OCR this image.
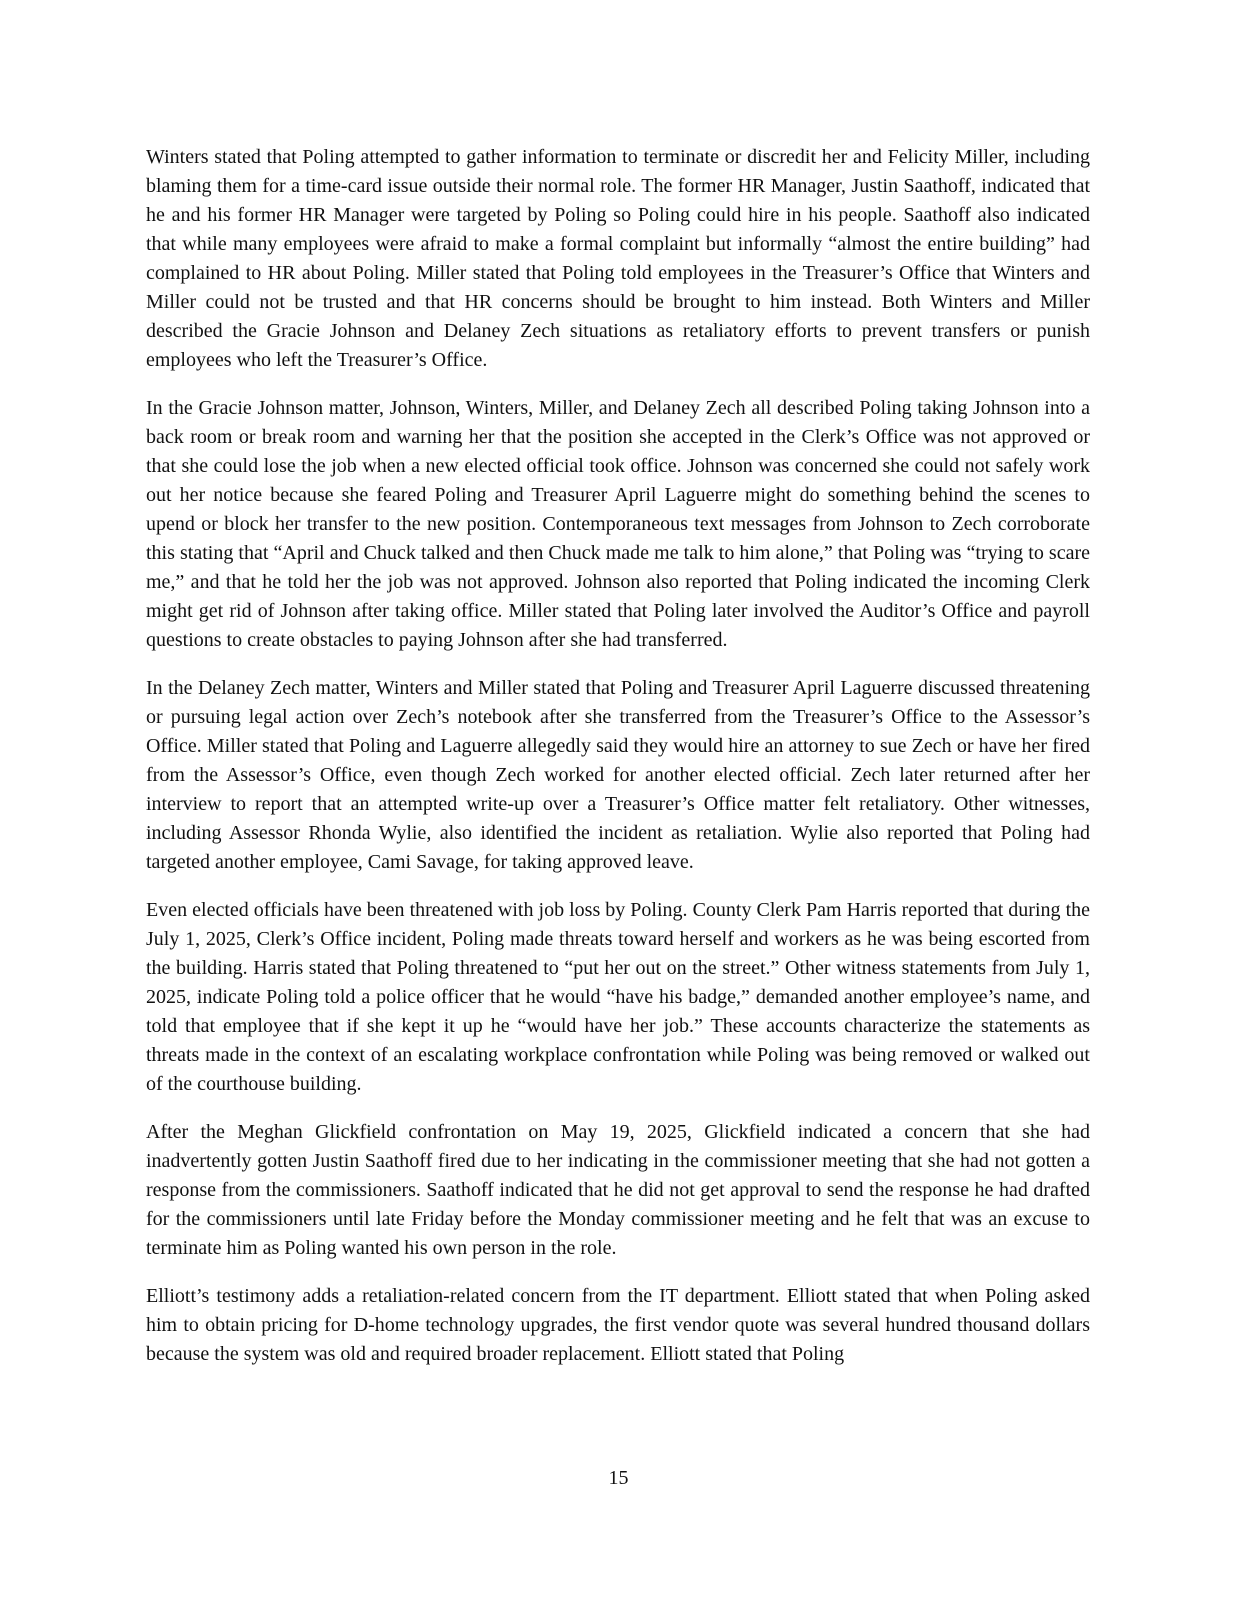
Winters stated that Poling attempted to gather information to terminate or discredit her and Felicity Miller, including blaming them for a time-card issue outside their normal role. The former HR Manager, Justin Saathoff, indicated that he and his former HR Manager were targeted by Poling so Poling could hire in his people. Saathoff also indicated that while many employees were afraid to make a formal complaint but informally “almost the entire building” had complained to HR about Poling. Miller stated that Poling told employees in the Treasurer’s Office that Winters and Miller could not be trusted and that HR concerns should be brought to him instead. Both Winters and Miller described the Gracie Johnson and Delaney Zech situations as retaliatory efforts to prevent transfers or punish employees who left the Treasurer’s Office.

In the Gracie Johnson matter, Johnson, Winters, Miller, and Delaney Zech all described Poling taking Johnson into a back room or break room and warning her that the position she accepted in the Clerk’s Office was not approved or that she could lose the job when a new elected official took office. Johnson was concerned she could not safely work out her notice because she feared Poling and Treasurer April Laguerre might do something behind the scenes to upend or block her transfer to the new position. Contemporaneous text messages from Johnson to Zech corroborate this stating that “April and Chuck talked and then Chuck made me talk to him alone,” that Poling was “trying to scare me,” and that he told her the job was not approved. Johnson also reported that Poling indicated the incoming Clerk might get rid of Johnson after taking office. Miller stated that Poling later involved the Auditor’s Office and payroll questions to create obstacles to paying Johnson after she had transferred.

In the Delaney Zech matter, Winters and Miller stated that Poling and Treasurer April Laguerre discussed threatening or pursuing legal action over Zech’s notebook after she transferred from the Treasurer’s Office to the Assessor’s Office. Miller stated that Poling and Laguerre allegedly said they would hire an attorney to sue Zech or have her fired from the Assessor’s Office, even though Zech worked for another elected official. Zech later returned after her interview to report that an attempted write-up over a Treasurer’s Office matter felt retaliatory. Other witnesses, including Assessor Rhonda Wylie, also identified the incident as retaliation. Wylie also reported that Poling had targeted another employee, Cami Savage, for taking approved leave.

Even elected officials have been threatened with job loss by Poling. County Clerk Pam Harris reported that during the July 1, 2025, Clerk’s Office incident, Poling made threats toward herself and workers as he was being escorted from the building. Harris stated that Poling threatened to “put her out on the street.” Other witness statements from July 1, 2025, indicate Poling told a police officer that he would “have his badge,” demanded another employee’s name, and told that employee that if she kept it up he “would have her job.” These accounts characterize the statements as threats made in the context of an escalating workplace confrontation while Poling was being removed or walked out of the courthouse building.

After the Meghan Glickfield confrontation on May 19, 2025, Glickfield indicated a concern that she had inadvertently gotten Justin Saathoff fired due to her indicating in the commissioner meeting that she had not gotten a response from the commissioners. Saathoff indicated that he did not get approval to send the response he had drafted for the commissioners until late Friday before the Monday commissioner meeting and he felt that was an excuse to terminate him as Poling wanted his own person in the role.

Elliott’s testimony adds a retaliation-related concern from the IT department. Elliott stated that when Poling asked him to obtain pricing for D-home technology upgrades, the first vendor quote was several hundred thousand dollars because the system was old and required broader replacement. Elliott stated that Poling

15
